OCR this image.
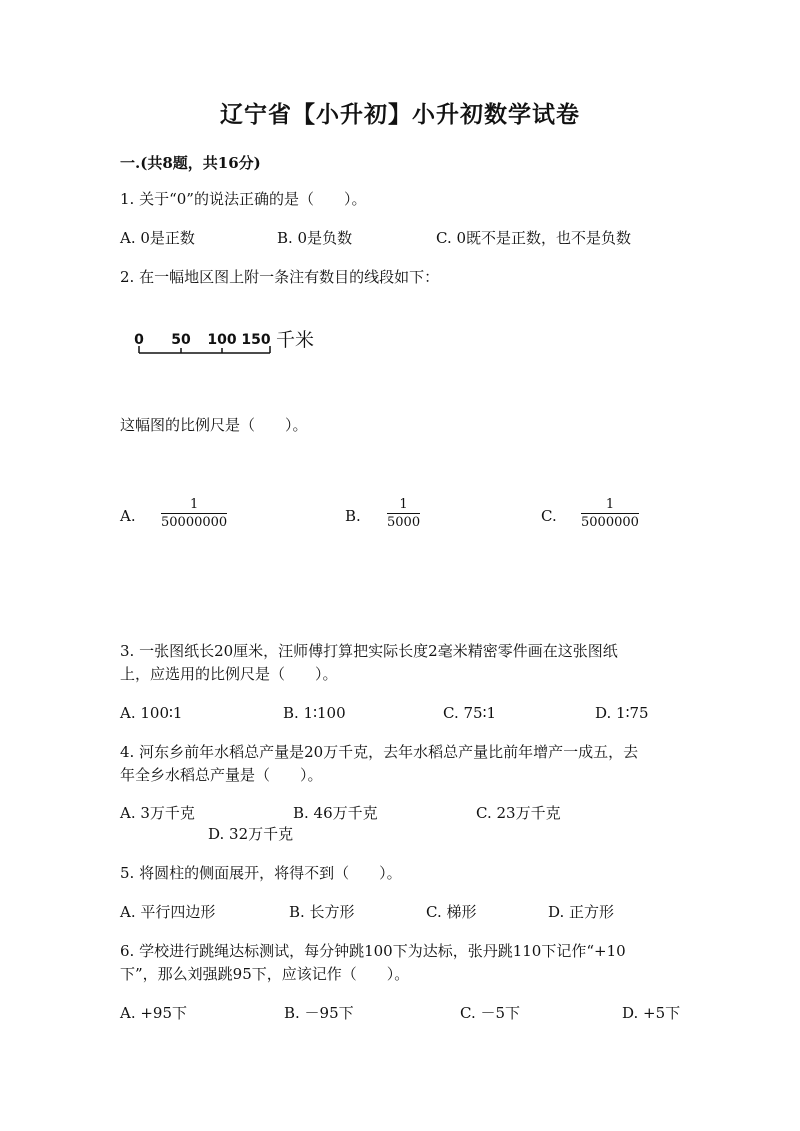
辽宁省【小升初】小升初数学试卷
一.(共8题，共16分)
1. 关于“0”的说法正确的是（　　）。
A. 0是正数	B. 0是负数	C. 0既不是正数，也不是负数
2. 在一幅地区图上附一条注有数目的线段如下：
0 50 100 150 千米
这幅图的比例尺是（　　）。
A.
1
50000000	B.
1
5000	C.
1
5000000
3. 一张图纸长20厘米，汪师傅打算把实际长度2毫米精密零件画在这张图纸
上，应选用的比例尺是（　　）。
A. 100∶1	B. 1∶100	C. 75∶1	D. 1∶75
4. 河东乡前年水稻总产量是20万千克，去年水稻总产量比前年增产一成五，去
年全乡水稻总产量是（　　）。
A. 3万千克	B. 46万千克	C. 23万千克
D. 32万千克
5. 将圆柱的侧面展开，将得不到（　　）。
A. 平行四边形	B. 长方形	C. 梯形	D. 正方形
6. 学校进行跳绳达标测试，每分钟跳100下为达标，张丹跳110下记作“+10
下”，那么刘强跳95下，应该记作（　　）。
A. +95下	B. －95下	C. －5下	D. +5下
